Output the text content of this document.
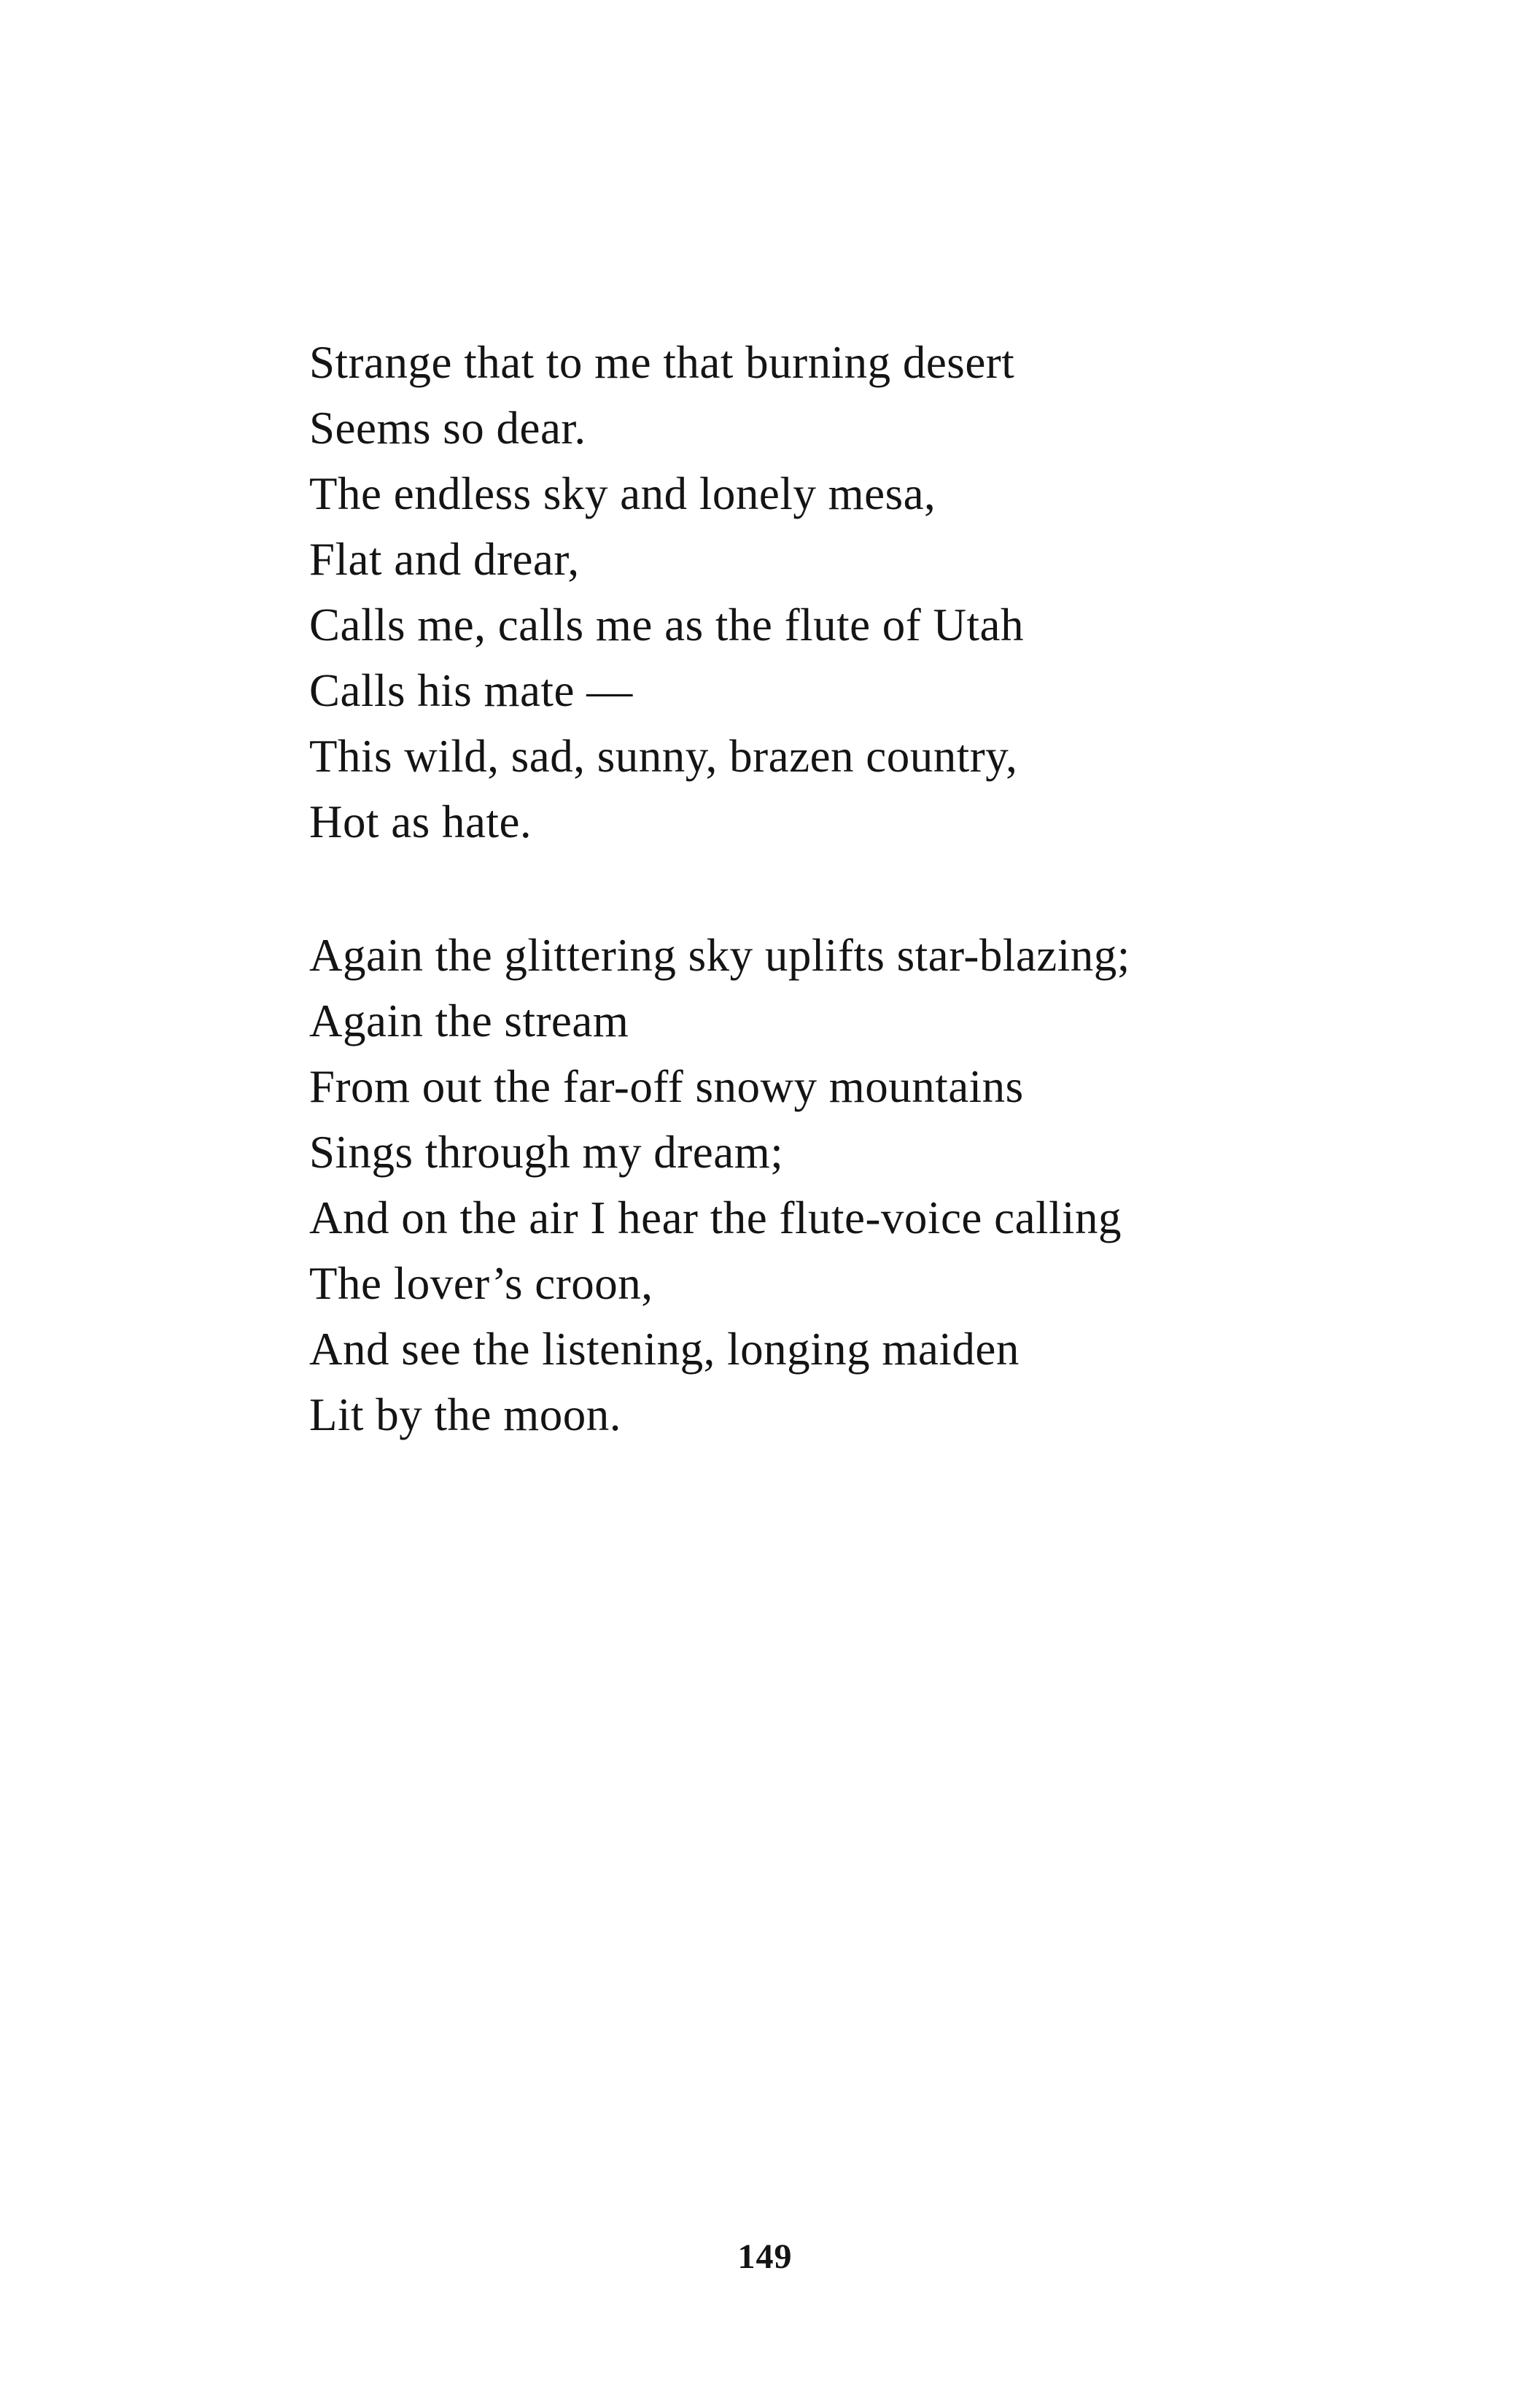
Strange that to me that burning desert
Seems so dear.
The endless sky and lonely mesa,
Flat and drear,
Calls me, calls me as the flute of Utah
Calls his mate —
This wild, sad, sunny, brazen country,
Hot as hate.
Again the glittering sky uplifts star-blazing;
Again the stream
From out the far-off snowy mountains
Sings through my dream;
And on the air I hear the flute-voice calling
The lover’s croon,
And see the listening, longing maiden
Lit by the moon.
149
